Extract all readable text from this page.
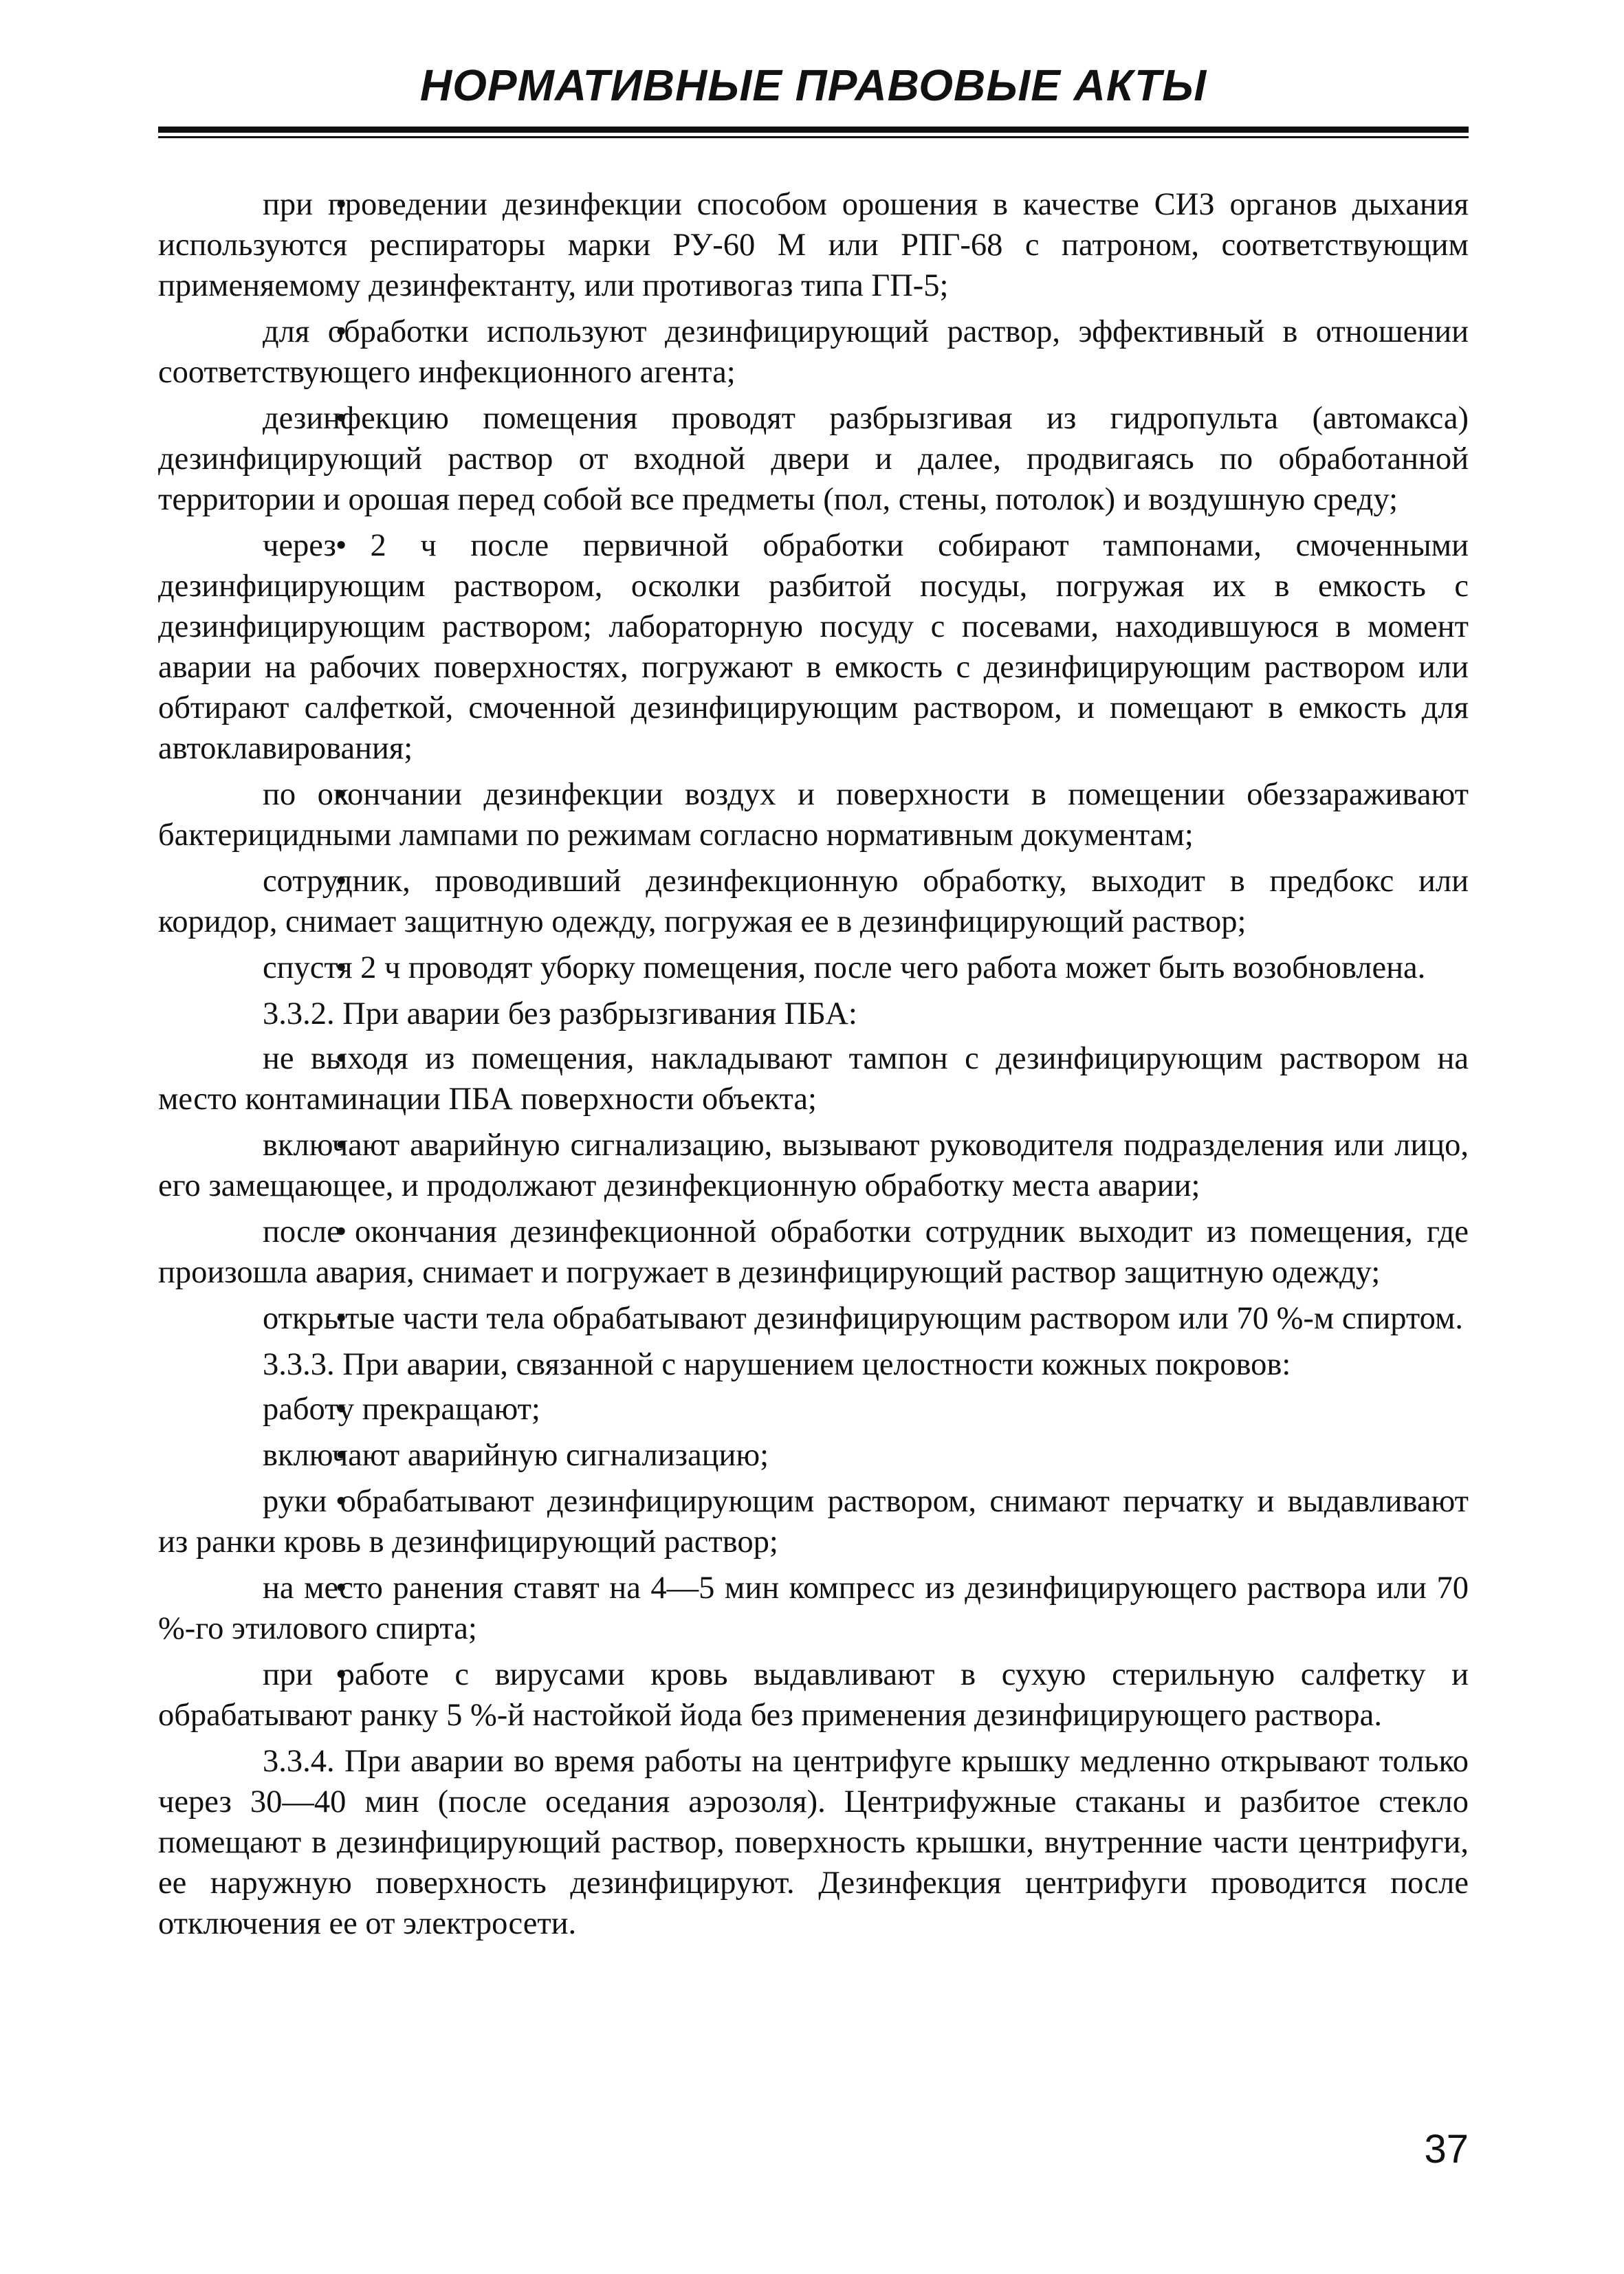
НОРМАТИВНЫЕ ПРАВОВЫЕ АКТЫ

• при проведении дезинфекции способом орошения в качестве СИЗ органов дыхания используются респираторы марки РУ-60 М или РПГ-68 с патроном, соответствующим применяемому дезинфектанту, или противогаз типа ГП-5;

• для обработки используют дезинфицирующий раствор, эффективный в отношении соответствующего инфекционного агента;

• дезинфекцию помещения проводят разбрызгивая из гидропульта (автомакса) дезинфицирующий раствор от входной двери и далее, продвигаясь по обработанной территории и орошая перед собой все предметы (пол, стены, потолок) и воздушную среду;

• через 2 ч после первичной обработки собирают тампонами, смоченными дезинфицирующим раствором, осколки разбитой посуды, погружая их в емкость с дезинфицирующим раствором; лабораторную посуду с посевами, находившуюся в момент аварии на рабочих поверхностях, погружают в емкость с дезинфицирующим раствором или обтирают салфеткой, смоченной дезинфицирующим раствором, и помещают в емкость для автоклавирования;

• по окончании дезинфекции воздух и поверхности в помещении обеззараживают бактерицидными лампами по режимам согласно нормативным документам;

• сотрудник, проводивший дезинфекционную обработку, выходит в предбокс или коридор, снимает защитную одежду, погружая ее в дезинфицирующий раствор;

• спустя 2 ч проводят уборку помещения, после чего работа может быть возобновлена.

3.3.2. При аварии без разбрызгивания ПБА:

• не выходя из помещения, накладывают тампон с дезинфицирующим раствором на место контаминации ПБА поверхности объекта;

• включают аварийную сигнализацию, вызывают руководителя подразделения или лицо, его замещающее, и продолжают дезинфекционную обработку места аварии;

• после окончания дезинфекционной обработки сотрудник выходит из помещения, где произошла авария, снимает и погружает в дезинфицирующий раствор защитную одежду;

• открытые части тела обрабатывают дезинфицирующим раствором или 70 %-м спиртом.

3.3.3. При аварии, связанной с нарушением целостности кожных покровов:

• работу прекращают;

• включают аварийную сигнализацию;

• руки обрабатывают дезинфицирующим раствором, снимают перчатку и выдавливают из ранки кровь в дезинфицирующий раствор;

• на место ранения ставят на 4—5 мин компресс из дезинфицирующего раствора или 70 %-го этилового спирта;

• при работе с вирусами кровь выдавливают в сухую стерильную салфетку и обрабатывают ранку 5 %-й настойкой йода без применения дезинфицирующего раствора.

3.3.4. При аварии во время работы на центрифуге крышку медленно открывают только через 30—40 мин (после оседания аэрозоля). Центрифужные стаканы и разбитое стекло помещают в дезинфицирующий раствор, поверхность крышки, внутренние части центрифуги, ее наружную поверхность дезинфицируют. Дезинфекция центрифуги проводится после отключения ее от электросети.

37
